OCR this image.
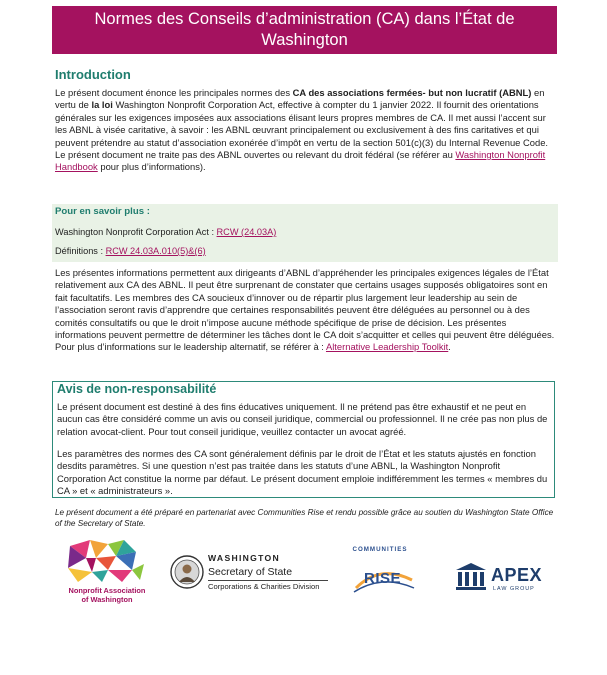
Normes des Conseils d’administration (CA) dans l’État de
Washington
Introduction

Le présent document énonce les principales normes des CA des associations fermées- but non lucratif (ABNL) en vertu de la loi Washington Nonprofit Corporation Act, effective à compter du 1 janvier 2022. Il fournit des orientations générales sur les exigences imposées aux associations élisant leurs propres membres de CA. Il met aussi l’accent sur les ABNL à visée caritative, à savoir : les ABNL œuvrant principalement ou exclusivement à des fins caritatives et qui peuvent prétendre au statut d’association exonérée d’impôt en vertu de la section 501(c)(3) du Internal Revenue Code. Le présent document ne traite pas des ABNL ouvertes ou relevant du droit fédéral (se référer au Washington Nonprofit Handbook pour plus d’informations).

Pour en savoir plus :
Washington Nonprofit Corporation Act : RCW (24.03A)
Définitions : RCW 24.03A.010(5)&(6)

Les présentes informations permettent aux dirigeants d’ABNL d’appréhender les principales exigences légales de l’État relativement aux CA des ABNL. Il peut être surprenant de constater que certains usages supposés obligatoires sont en fait facultatifs. Les membres des CA soucieux d’innover ou de répartir plus largement leur leadership au sein de l’association seront ravis d’apprendre que certaines responsabilités peuvent être déléguées au personnel ou à des comités consultatifs ou que le droit n’impose aucune méthode spécifique de prise de décision. Les présentes informations peuvent permettre de déterminer les tâches dont le CA doit s’acquitter et celles qui peuvent être déléguées. Pour plus d’informations sur le leadership alternatif, se référer à : Alternative Leadership Toolkit.

Avis de non-responsabilité

Le présent document est destiné à des fins éducatives uniquement. Il ne prétend pas être exhaustif et ne peut en aucun cas être considéré comme un avis ou conseil juridique, commercial ou professionnel. Il ne crée pas non plus de relation avocat-client. Pour tout conseil juridique, veuillez contacter un avocat agréé.

Les paramètres des normes des CA sont généralement définis par le droit de l’État et les statuts ajustés en fonction desdits paramètres. Si une question n’est pas traitée dans les statuts d’une ABNL, la Washington Nonprofit Corporation Act constitue la norme par défaut. Le présent document emploie indifféremment les termes « membres du CA » et « administrateurs ».

Le présent document a été préparé en partenariat avec Communities Rise et rendu possible grâce au soutien du Washington State Office of the Secretary of State.

Nonprofit Association
of Washington
WASHINGTON
Secretary of State
Corporations & Charities Division
COMMUNITIES
RISE	APEX
LAW GROUP
